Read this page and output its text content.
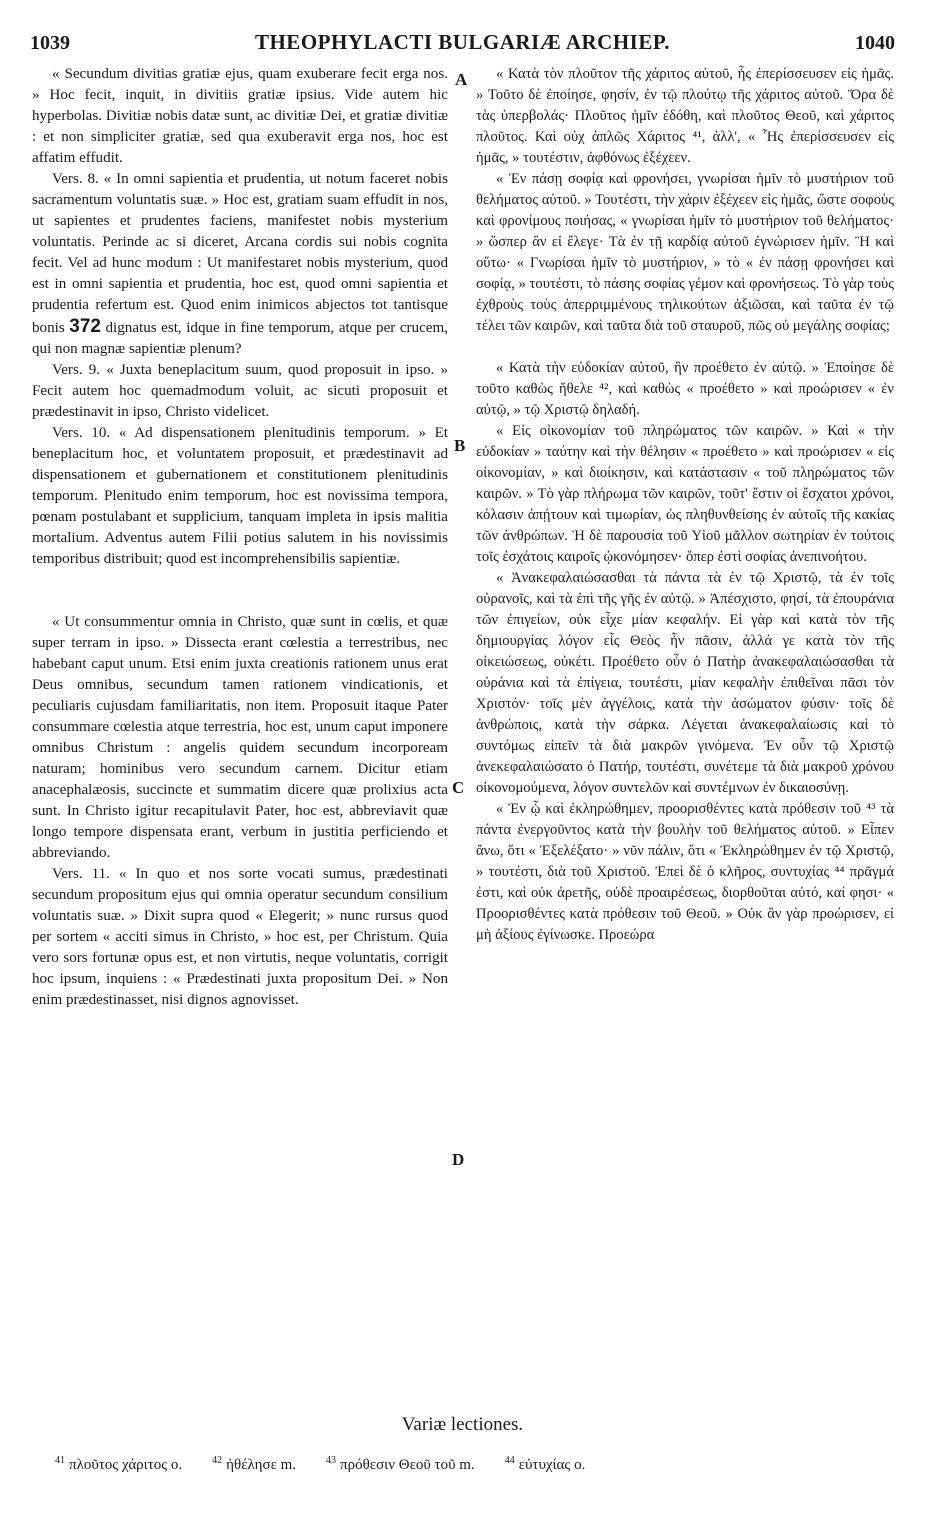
1039	THEOPHYLACTI BULGARIÆ ARCHIEP.	1040

« Secundum divitias gratiæ ejus, quam exuberare fecit erga nos. » Hoc fecit, inquit, in divitiis gratiæ ipsius. Vide autem hic hyperbolas. Divitiæ nobis datæ sunt, ac divitiæ Dei, et gratiæ divitiæ : et non simpliciter gratiæ, sed qua exuberavit erga nos, hoc est affatim effudit.

Vers. 8. « In omni sapientia et prudentia, ut notum faceret nobis sacramentum voluntatis suæ. » Hoc est, gratiam suam effudit in nos, ut sapientes et prudentes faciens, manifestet nobis mysterium voluntatis. Perinde ac si diceret, Arcana cordis sui nobis cognita fecit. Vel ad hunc modum : Ut manifestaret nobis mysterium, quod est in omni sapientia et prudentia, hoc est, quod omni sapientia et prudentia refertum est. Quod enim inimicos abjectos tot tantisque bonis 372 dignatus est, idque in fine temporum, atque per crucem, qui non magnæ sapientiæ plenum?

Vers. 9. « Juxta beneplacitum suum, quod proposuit in ipso. » Fecit autem hoc quemadmodum voluit, ac sicuti proposuit et prædestinavit in ipso, Christo videlicet.

Vers. 10. « Ad dispensationem plenitudinis temporum. » Et beneplacitum hoc, et voluntatem proposuit, et prædestinavit ad dispensationem et gubernationem et constitutionem plenitudinis temporum. Plenitudo enim temporum, hoc est novissima tempora, pœnam postulabant et supplicium, tanquam impleta in ipsis malitia mortalium. Adventus autem Filii potius salutem in his novissimis temporibus distribuit; quod est incomprehensibilis sapientiæ.

« Ut consummentur omnia in Christo, quæ sunt in cœlis, et quæ super terram in ipso. » Dissecta erant cœlestia a terrestribus, nec habebant caput unum. Etsi enim juxta creationis rationem unus erat Deus omnibus, secundum tamen rationem vindicationis, et peculiaris cujusdam familiaritatis, non item. Proposuit itaque Pater consummare cœlestia atque terrestria, hoc est, unum caput imponere omnibus Christum : angelis quidem secundum incorpoream naturam; hominibus vero secundum carnem. Dicitur etiam anacephalæosis, succincte et summatim dicere quæ prolixius acta sunt. In Christo igitur recapitulavit Pater, hoc est, abbreviavit quæ longo tempore dispensata erant, verbum in justitia perficiendo et abbreviando.

Vers. 11. « In quo et nos sorte vocati sumus, prædestinati secundum propositum ejus qui omnia operatur secundum consilium voluntatis suæ. » Dixit supra quod « Elegerit; » nunc rursus quod per sortem « acciti simus in Christo, » hoc est, per Christum. Quia vero sors fortunæ opus est, et non virtutis, neque voluntatis, corrigit hoc ipsum, inquiens : « Prædestinati juxta propositum Dei. » Non enim prædestinasset, nisi dignos agnovisset.

« Κατὰ τὸν πλοῦτον τῆς χάριτος αὐτοῦ, ἧς ἐπερίσσευσεν εἰς ἡμᾶς. » Τοῦτο δὲ ἐποίησε, φησίν, ἐν τῷ πλούτῳ τῆς χάριτος αὐτοῦ. Ὅρα δὲ τὰς ὑπερβολάς· Πλοῦτος ἡμῖν ἐδόθη, καὶ πλοῦτος Θεοῦ, καὶ χάριτος πλοῦτος. Καὶ οὐχ ἁπλῶς Χάριτος ⁴¹, ἀλλ', « Ἧς ἐπερίσσευσεν εἰς ἡμᾶς, » τουτέστιν, ἀφθόνως ἐξέχεεν.

« Ἐν πάσῃ σοφίᾳ καὶ φρονήσει, γνωρίσαι ἡμῖν τὸ μυστήριον τοῦ θελήματος αὐτοῦ. » Τουτέστι, τὴν χάριν ἐξέχεεν εἰς ἡμᾶς, ὥστε σοφοὺς καὶ φρονίμους ποιήσας, « γνωρίσαι ἡμῖν τὸ μυστήριον τοῦ θελήματος· » ὥσπερ ἂν εἰ ἔλεγε· Τὰ ἐν τῇ καρδίᾳ αὐτοῦ ἐγνώρισεν ἡμῖν. Ἢ καὶ οὕτω· « Γνωρίσαι ἡμῖν τὸ μυστήριον, » τὸ « ἐν πάσῃ φρονήσει καὶ σοφίᾳ, » τουτέστι, τὸ πάσης σοφίας γέμον καὶ φρονήσεως. Τὸ γὰρ τοὺς ἐχθροὺς τοὺς ἀπερριμμένους τηλικούτων ἀξιῶσαι, καὶ ταῦτα ἐν τῷ τέλει τῶν καιρῶν, καὶ ταῦτα διὰ τοῦ σταυροῦ, πῶς οὐ μεγάλης σοφίας;

« Κατὰ τὴν εὐδοκίαν αὐτοῦ, ἣν προέθετο ἐν αὐτῷ. » Ἐποίησε δὲ τοῦτο καθὼς ἤθελε ⁴², καὶ καθὼς « προέθετο » καὶ προώρισεν « ἐν αὐτῷ, » τῷ Χριστῷ δηλαδή.

« Εἰς οἰκονομίαν τοῦ πληρώματος τῶν καιρῶν. » Καὶ « τὴν εὐδοκίαν » ταύτην καὶ τὴν θέλησιν « προέθετο » καὶ προώρισεν « εἰς οἰκονομίαν, » καὶ διοίκησιν, καὶ κατάστασιν « τοῦ πληρώματος τῶν καιρῶν. » Τὸ γὰρ πλήρωμα τῶν καιρῶν, τοῦτ' ἔστιν οἱ ἔσχατοι χρόνοι, κόλασιν ἀπῄτουν καὶ τιμωρίαν, ὡς πληθυνθείσης ἐν αὐτοῖς τῆς κακίας τῶν ἀνθρώπων. Ἡ δὲ παρουσία τοῦ Υἱοῦ μᾶλλον σωτηρίαν ἐν τούτοις τοῖς ἐσχάτοις καιροῖς ᾠκονόμησεν· ὅπερ ἐστὶ σοφίας ἀνεπινοήτου.

« Ἀνακεφαλαιώσασθαι τὰ πάντα τὰ ἐν τῷ Χριστῷ, τὰ ἐν τοῖς οὐρανοῖς, καὶ τὰ ἐπὶ τῆς γῆς ἐν αὐτῷ. » Ἀπέσχιστο, φησί, τὰ ἐπουράνια τῶν ἐπιγείων, οὐκ εἶχε μίαν κεφαλήν. Εἰ γὰρ καὶ κατὰ τὸν τῆς δημιουργίας λόγον εἷς Θεὸς ἦν πᾶσιν, ἀλλά γε κατὰ τὸν τῆς οἰκειώσεως, οὐκέτι. Προέθετο οὖν ὁ Πατὴρ ἀνακεφαλαιώσασθαι τὰ οὐράνια καὶ τὰ ἐπίγεια, τουτέστι, μίαν κεφαλὴν ἐπιθεῖναι πᾶσι τὸν Χριστόν· τοῖς μὲν ἀγγέλοις, κατὰ τὴν ἀσώματον φύσιν· τοῖς δὲ ἀνθρώποις, κατὰ τὴν σάρκα. Λέγεται ἀνακεφαλαίωσις καὶ τὸ συντόμως εἰπεῖν τὰ διὰ μακρῶν γινόμενα. Ἐν οὖν τῷ Χριστῷ ἀνεκεφαλαιώσατο ὁ Πατήρ, τουτέστι, συνέτεμε τὰ διὰ μακροῦ χρόνου οἰκονομούμενα, λόγον συντελῶν καὶ συντέμνων ἐν δικαιοσύνῃ.

« Ἐν ᾧ καὶ ἐκληρώθημεν, προορισθέντες κατὰ πρόθεσιν τοῦ ⁴³ τὰ πάντα ἐνεργοῦντος κατὰ τὴν βουλὴν τοῦ θελήματος αὐτοῦ. » Εἶπεν ἄνω, ὅτι « Ἐξελέξατο· » νῦν πάλιν, ὅτι « Ἐκληρώθημεν ἐν τῷ Χριστῷ, » τουτέστι, διὰ τοῦ Χριστοῦ. Ἐπεὶ δὲ ὁ κλῆρος, συντυχίας ⁴⁴ πρᾶγμά ἐστι, καὶ οὐκ ἀρετῆς, οὐδὲ προαιρέσεως, διορθοῦται αὐτό, καί φησι· « Προορισθέντες κατὰ πρόθεσιν τοῦ Θεοῦ. » Οὐκ ἂν γὰρ προώρισεν, εἰ μὴ ἀξίους ἐγίνωσκε. Προεώρα

A
B
C
D
Variæ lectiones.
$^{41}$ πλοῦτος χάριτος o.	$^{42}$ ἠθέλησε m.	$^{43}$ πρόθεσιν Θεοῦ τοῦ m.	$^{44}$ εὐτυχίας o.
